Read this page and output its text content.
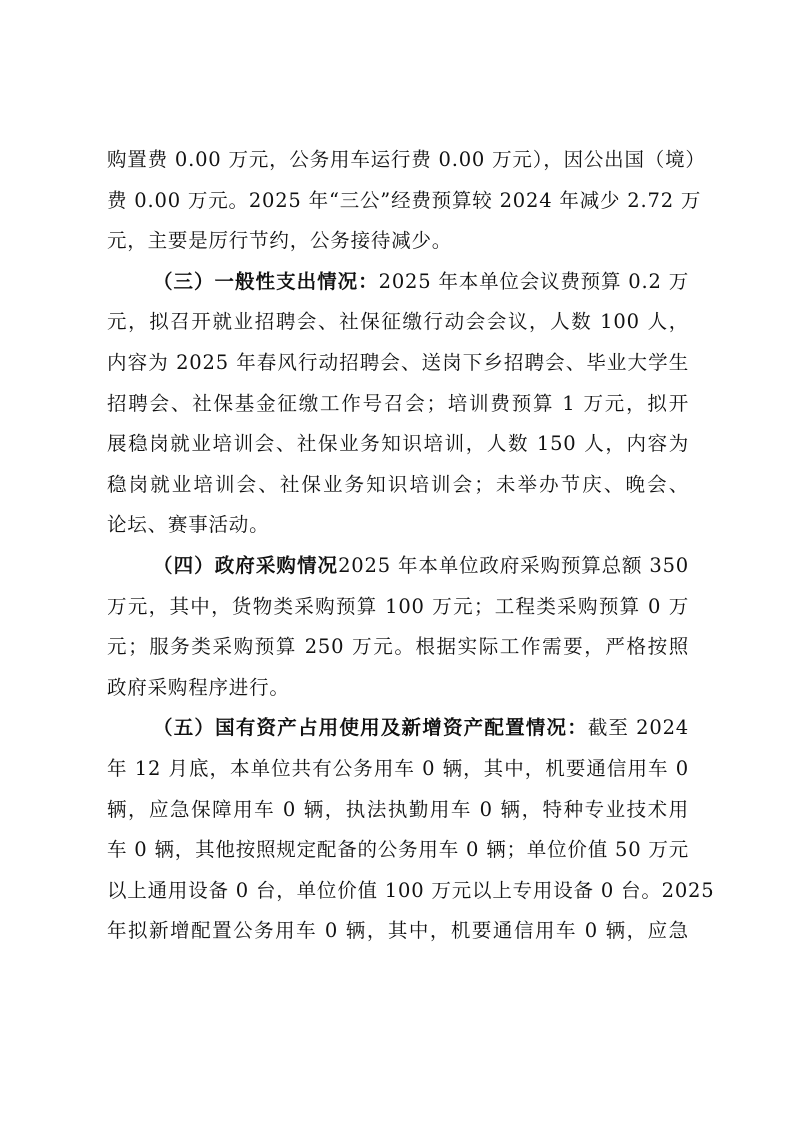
购置费 0.00 万元，公务用车运行费 0.00 万元），因公出国（境）
费 0.00 万元。2025 年“三公”经费预算较 2024 年减少 2.72 万
元，主要是厉行节约，公务接待减少。
（三）一般性支出情况：2025 年本单位会议费预算 0.2 万
元，拟召开就业招聘会、社保征缴行动会会议，人数 100 人，
内容为 2025 年春风行动招聘会、送岗下乡招聘会、毕业大学生
招聘会、社保基金征缴工作号召会；培训费预算 1 万元，拟开
展稳岗就业培训会、社保业务知识培训，人数 150 人，内容为
稳岗就业培训会、社保业务知识培训会；未举办节庆、晚会、
论坛、赛事活动。
（四）政府采购情况2025 年本单位政府采购预算总额 350
万元，其中，货物类采购预算 100 万元；工程类采购预算 0 万
元；服务类采购预算 250 万元。根据实际工作需要，严格按照
政府采购程序进行。
（五）国有资产占用使用及新增资产配置情况：截至 2024
年 12 月底，本单位共有公务用车 0 辆，其中，机要通信用车 0
辆，应急保障用车 0 辆，执法执勤用车 0 辆，特种专业技术用
车 0 辆，其他按照规定配备的公务用车 0 辆；单位价值 50 万元
以上通用设备 0 台，单位价值 100 万元以上专用设备 0 台。2025
年拟新增配置公务用车 0 辆，其中，机要通信用车 0 辆，应急
